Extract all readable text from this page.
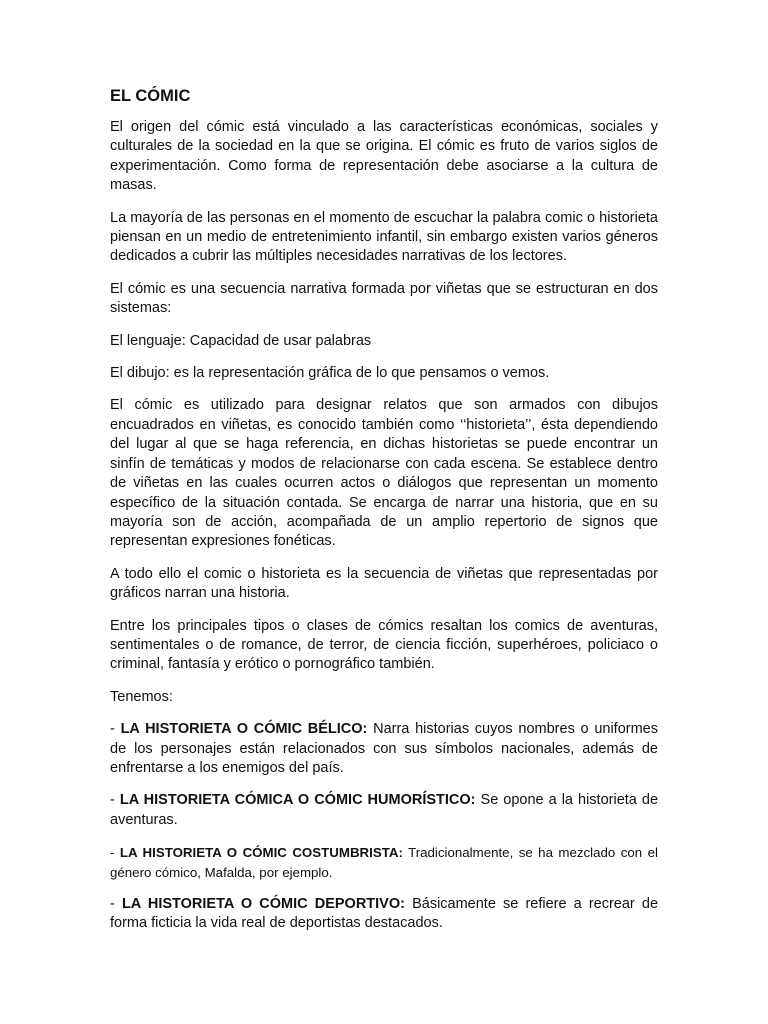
EL CÓMIC

El origen del cómic está vinculado a las características económicas, sociales y culturales de la sociedad en la que se origina. El cómic es fruto de varios siglos de experimentación. Como forma de representación debe asociarse a la cultura de masas.

La mayoría de las personas en el momento de escuchar la palabra comic o historieta piensan en un medio de entretenimiento infantil, sin embargo existen varios géneros dedicados a cubrir las múltiples necesidades narrativas de los lectores.

El cómic es una secuencia narrativa formada por viñetas que se estructuran en dos sistemas:

El lenguaje: Capacidad de usar palabras

El dibujo: es la representación gráfica de lo que pensamos o vemos.

El cómic es utilizado para designar relatos que son armados con dibujos encuadrados en viñetas, es conocido también como ‘‘historieta’’, ésta dependiendo del lugar al que se haga referencia, en dichas historietas se puede encontrar un sinfín de temáticas y modos de relacionarse con cada escena. Se establece dentro de viñetas en las cuales ocurren actos o diálogos que representan un momento específico de la situación contada. Se encarga de narrar una historia, que en su mayoría son de acción, acompañada de un amplio repertorio de signos que representan expresiones fonéticas.

A todo ello el comic o historieta es la secuencia de viñetas que representadas por gráficos narran una historia.

Entre los principales tipos o clases de cómics resaltan los comics de aventuras, sentimentales o de romance, de terror, de ciencia ficción, superhéroes, policiaco o criminal, fantasía y erótico o pornográfico también.

Tenemos:

- LA HISTORIETA O CÓMIC BÉLICO: Narra historias cuyos nombres o uniformes de los personajes están relacionados con sus símbolos nacionales, además de enfrentarse a los enemigos del país.

- LA HISTORIETA CÓMICA O CÓMIC HUMORÍSTICO: Se opone a la historieta de aventuras.

- LA HISTORIETA O CÓMIC COSTUMBRISTA: Tradicionalmente, se ha mezclado con el género cómico, Mafalda, por ejemplo.

- LA HISTORIETA O CÓMIC DEPORTIVO: Básicamente se refiere a recrear de forma ficticia la vida real de deportistas destacados.
